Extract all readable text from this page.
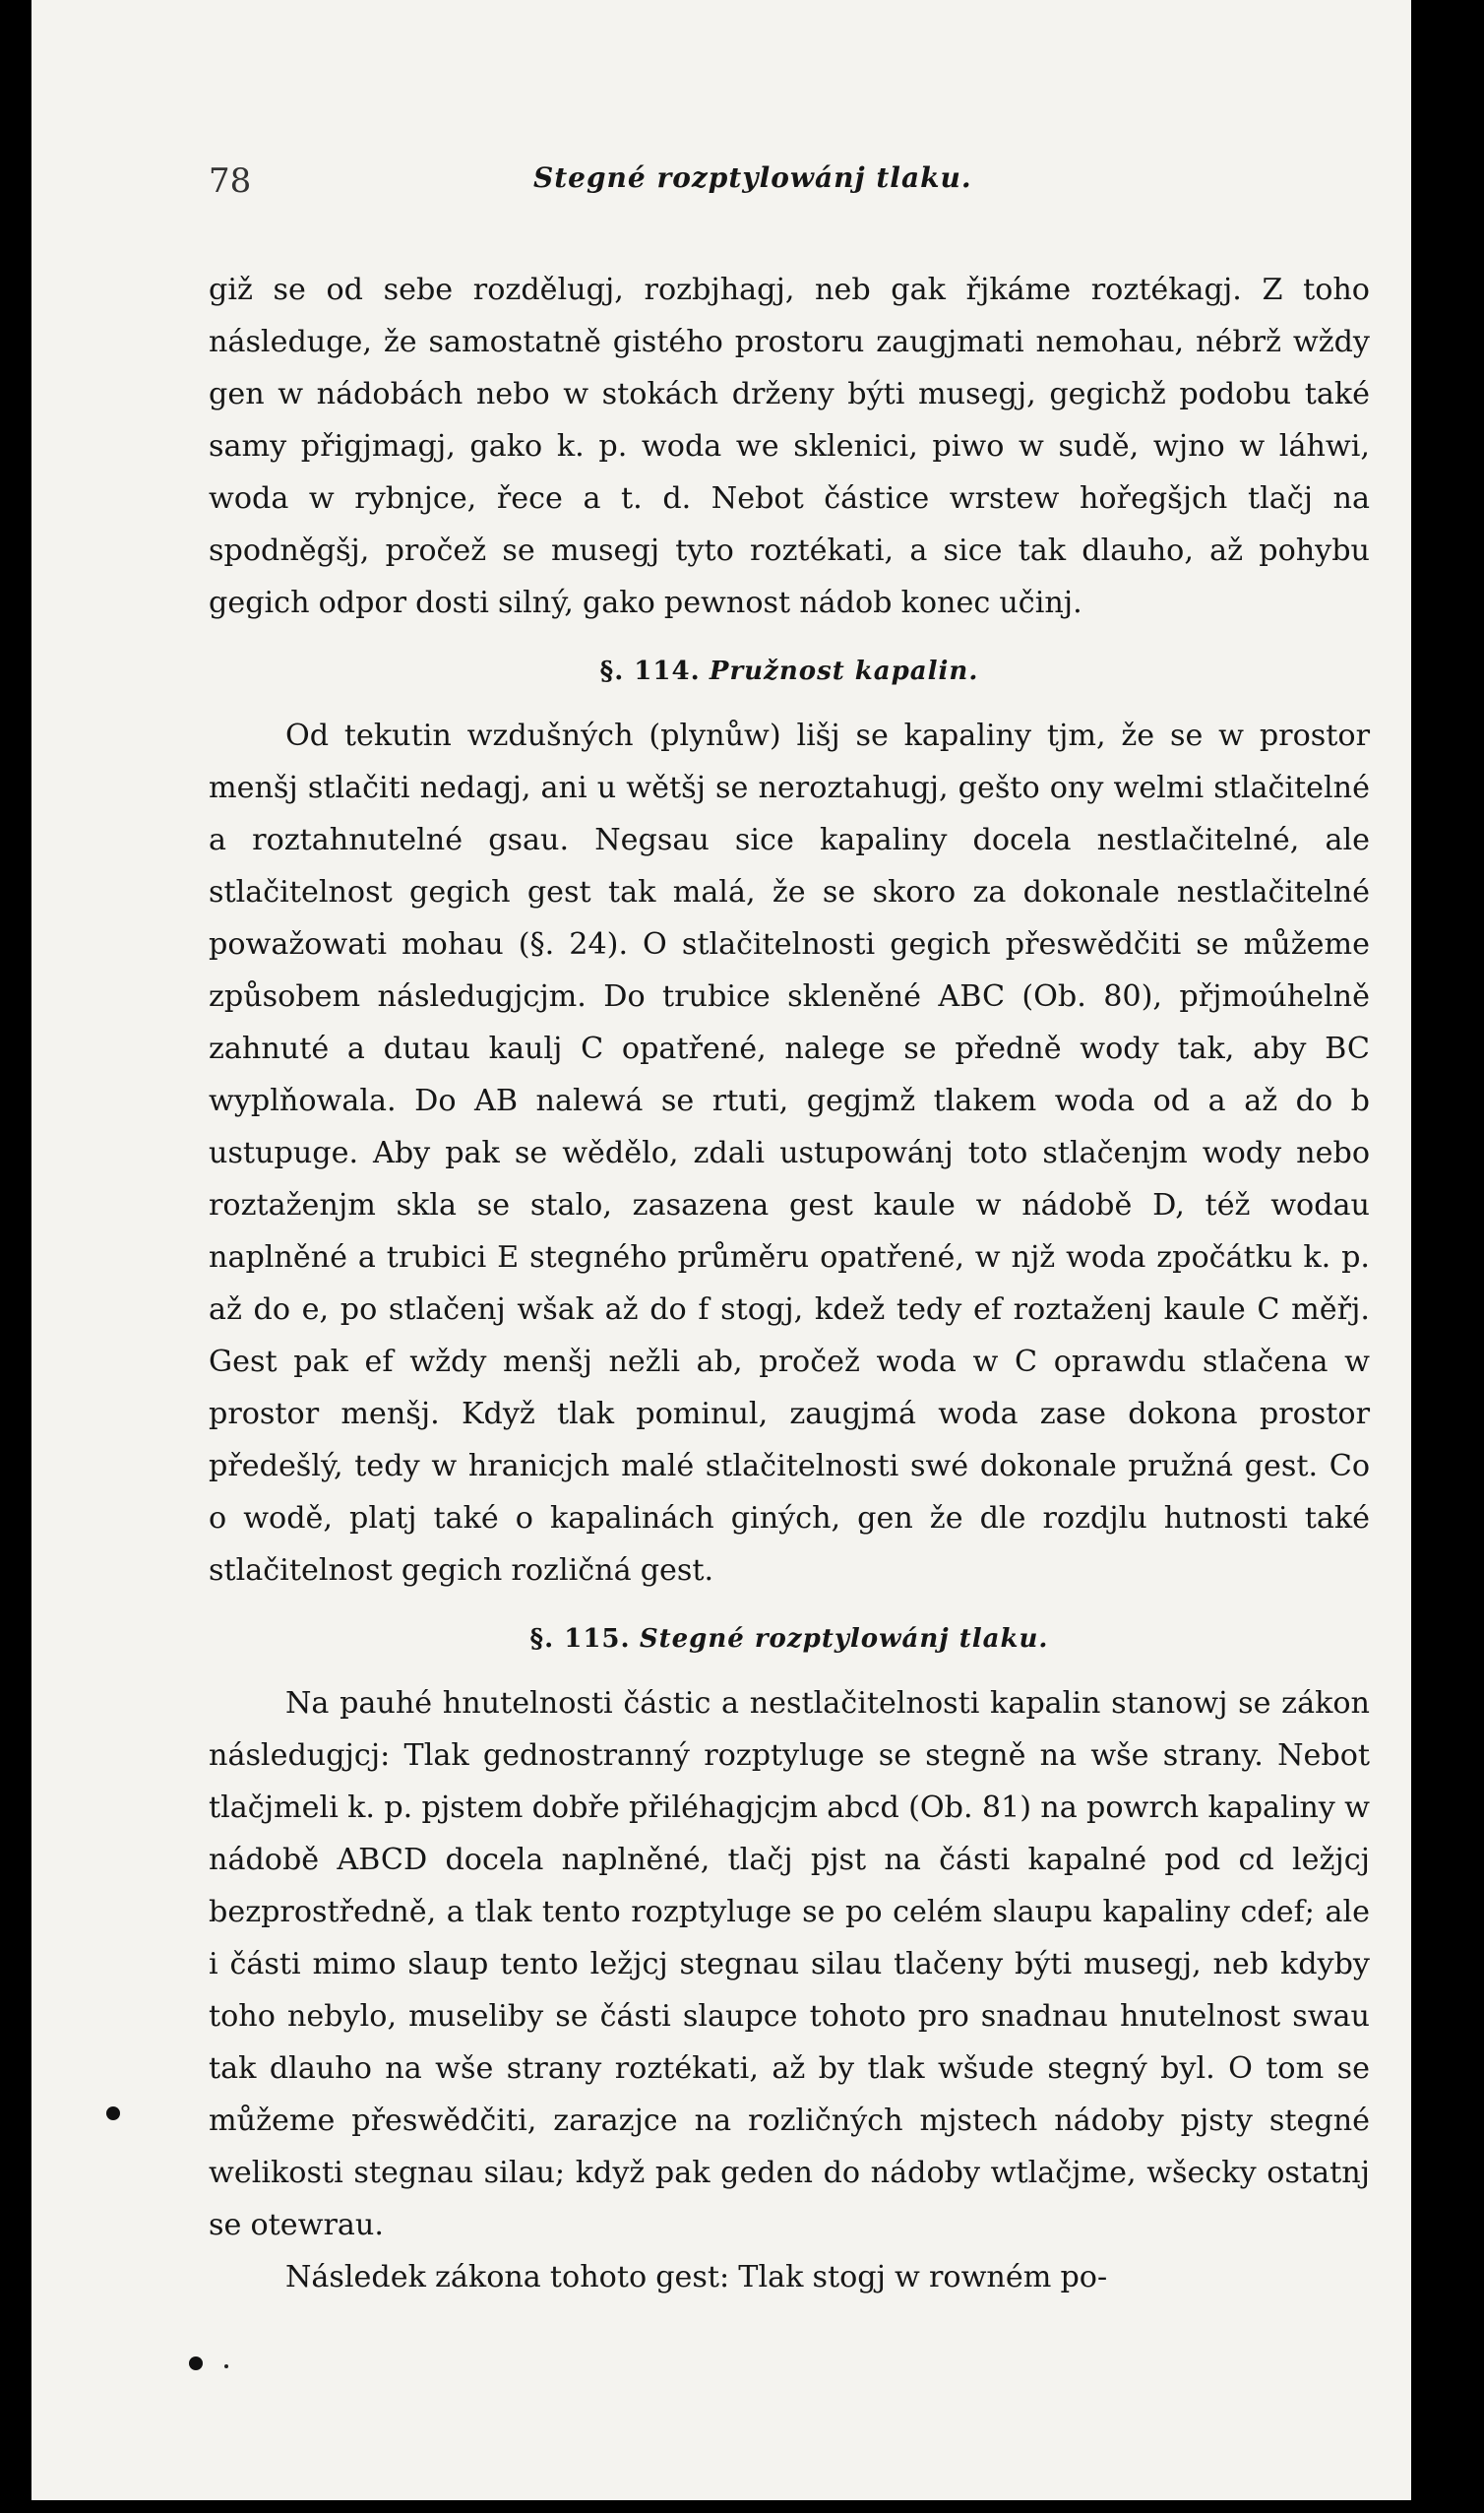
78	Stegné rozptylowánj tlaku.

giž se od sebe rozdělugj, rozbjhagj, neb gak řjkáme roztékagj. Z toho následuge, že samostatně gistého prostoru zaugjmati nemohau, nébrž wždy gen w nádobách nebo w stokách drženy býti musegj, gegichž podobu také samy přigjmagj, gako k. p. woda we sklenici, piwo w sudě, wjno w láhwi, woda w rybnjce, řece a t. d. Nebot částice wrstew hořegšjch tlačj na spodněgšj, pročež se musegj tyto roztékati, a sice tak dlauho, až pohybu gegich odpor dosti silný, gako pewnost nádob konec učinj.

§. 114. Pružnost kapalin.

Od tekutin wzdušných (plynůw) lišj se kapaliny tjm, že se w prostor menšj stlačiti nedagj, ani u wětšj se neroztahugj, gešto ony welmi stlačitelné a roztahnutelné gsau. Negsau sice kapaliny docela nestlačitelné, ale stlačitelnost gegich gest tak malá, že se skoro za dokonale nestlačitelné powažowati mohau (§. 24). O stlačitelnosti gegich přeswědčiti se můžeme způsobem následugjcjm. Do trubice skleněné ABC (Ob. 80), přjmoúhelně zahnuté a dutau kaulj C opatřené, nalege se předně wody tak, aby BC wyplňowala. Do AB nalewá se rtuti, gegjmž tlakem woda od a až do b ustupuge. Aby pak se wědělo, zdali ustupowánj toto stlačenjm wody nebo roztaženjm skla se stalo, zasazena gest kaule w nádobě D, též wodau naplněné a trubici E stegného průměru opatřené, w njž woda zpočátku k. p. až do e, po stlačenj wšak až do f stogj, kdež tedy ef roztaženj kaule C měřj. Gest pak ef wždy menšj nežli ab, pročež woda w C oprawdu stlačena w prostor menšj. Když tlak pominul, zaugjmá woda zase dokona prostor předešlý, tedy w hranicjch malé stlačitelnosti swé dokonale pružná gest. Co o wodě, platj také o kapalinách giných, gen že dle rozdjlu hutnosti také stlačitelnost gegich rozličná gest.

§. 115. Stegné rozptylowánj tlaku.

Na pauhé hnutelnosti částic a nestlačitelnosti kapalin stanowj se zákon následugjcj: Tlak gednostranný rozptyluge se stegně na wše strany. Nebot tlačjmeli k. p. pjstem dobře přiléhagjcjm abcd (Ob. 81) na powrch kapaliny w nádobě ABCD docela naplněné, tlačj pjst na části kapalné pod cd ležjcj bezprostředně, a tlak tento rozptyluge se po celém slaupu kapaliny cdef; ale i části mimo slaup tento ležjcj stegnau silau tlačeny býti musegj, neb kdyby toho nebylo, museliby se části slaupce tohoto pro snadnau hnutelnost swau tak dlauho na wše strany roztékati, až by tlak wšude stegný byl. O tom se můžeme přeswědčiti, zarazjce na rozličných mjstech nádoby pjsty stegné welikosti stegnau silau; když pak geden do nádoby wtlačjme, wšecky ostatnj se otewrau.

Následek zákona tohoto gest: Tlak stogj w rowném po-
